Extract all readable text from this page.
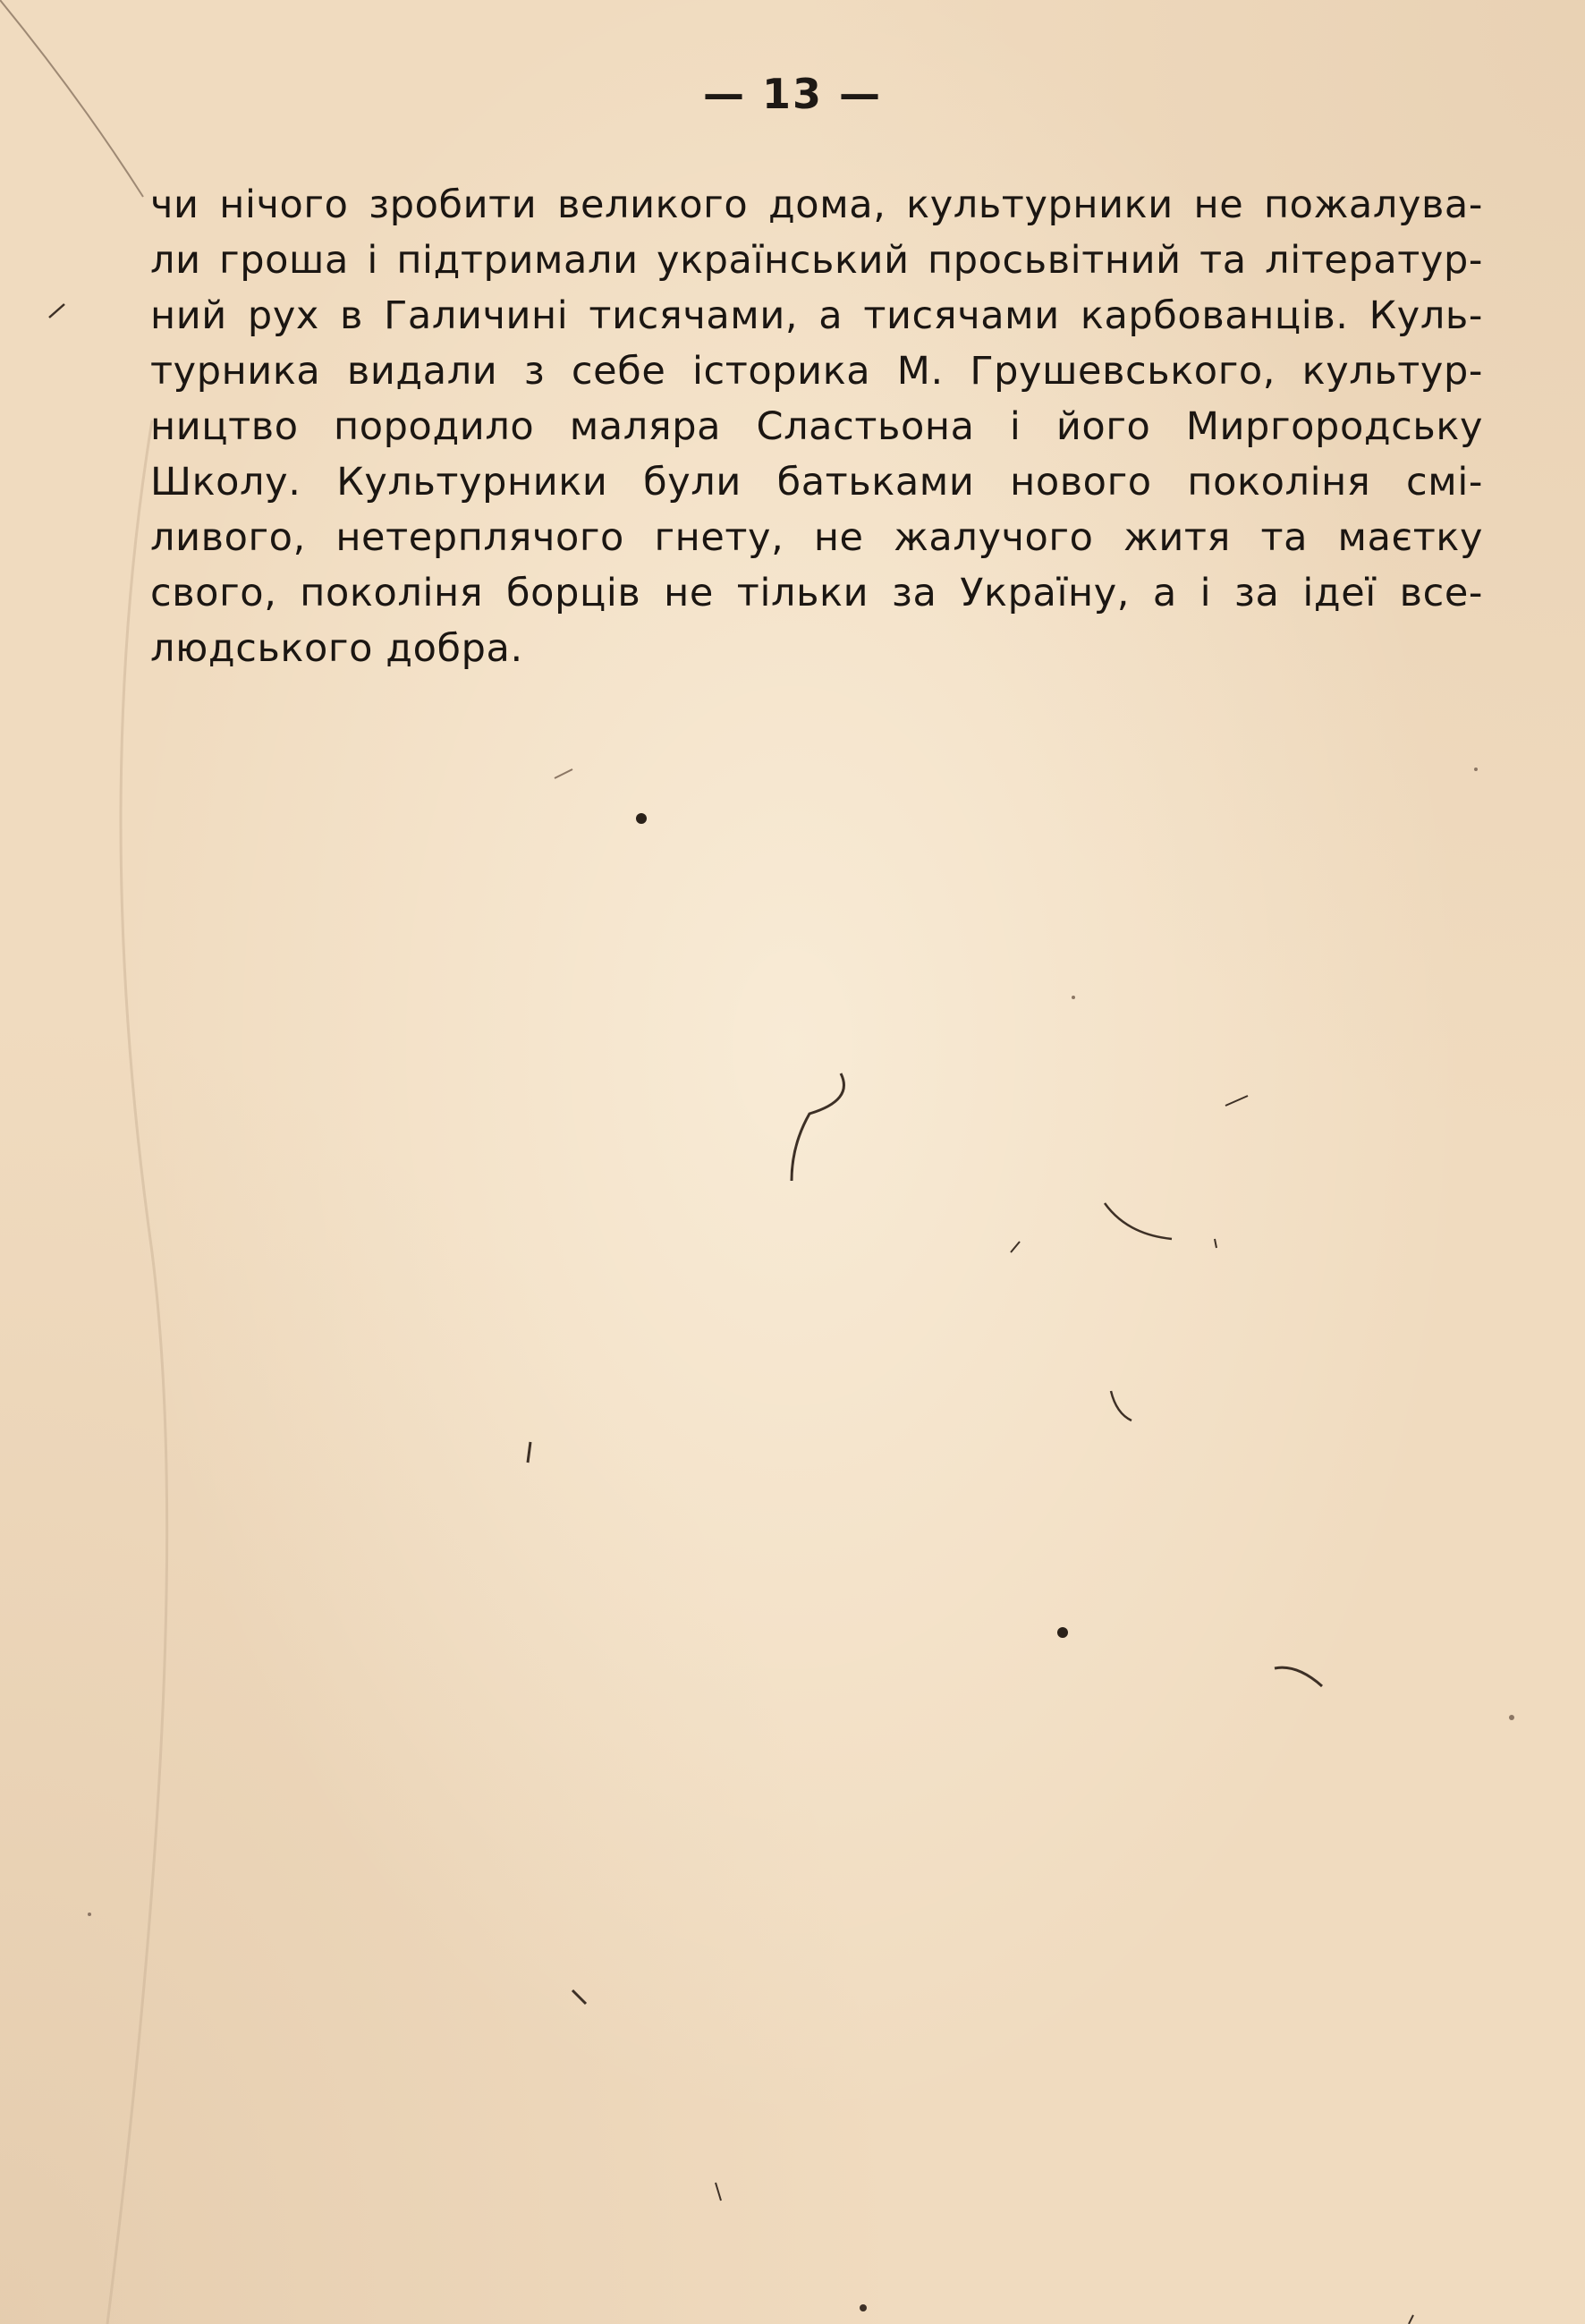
— 13 —

чи нічого зробити великого дома, культурники не пожалува-
ли гроша і підтримали український просьвітний та літератур-
ний рух в Галичині тисячами, а тисячами карбованців. Куль-
турника видали з себе історика М. Грушевського, культур-
ництво породило маляра Сластьона і його Миргородську
Школу. Культурники були батьками нового поколіня смі-
ливого, нетерплячого гнету, не жалучого житя та маєтку
свого, поколіня борців не тільки за Україну, а і за ідеї все-
людського добра.
